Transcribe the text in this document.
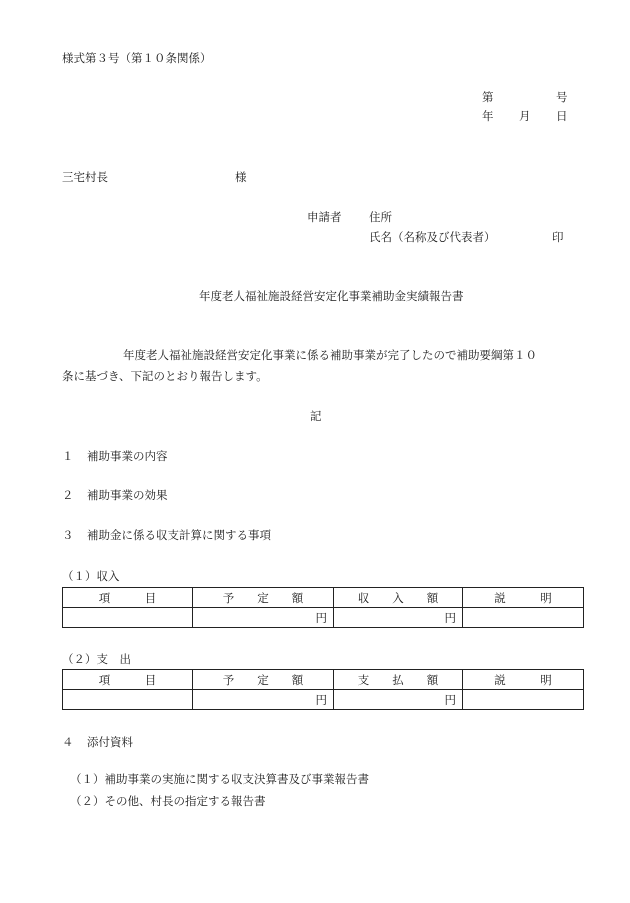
様式第３号（第１０条関係）
第	号
年 月 日
三宅村長	様
申請者 住所
氏名（名称及び代表者）	印
年度老人福祉施設経営安定化事業補助金実績報告書
年度老人福祉施設経営安定化事業に係る補助事業が完了したので補助要綱第１０
条に基づき、下記のとおり報告します。
記
１ 補助事業の内容
２ 補助事業の効果
３ 補助金に係る収支計算に関する事項
（１）収入
項　　　目	予　　定　　額	収　　入　　額	説　　　明
	円	円	
（２）支　出
項　　　目	予　　定　　額	支　　払　　額	説　　　明
	円	円	
４ 添付資料
（１）補助事業の実施に関する収支決算書及び事業報告書
（２）その他、村長の指定する報告書
